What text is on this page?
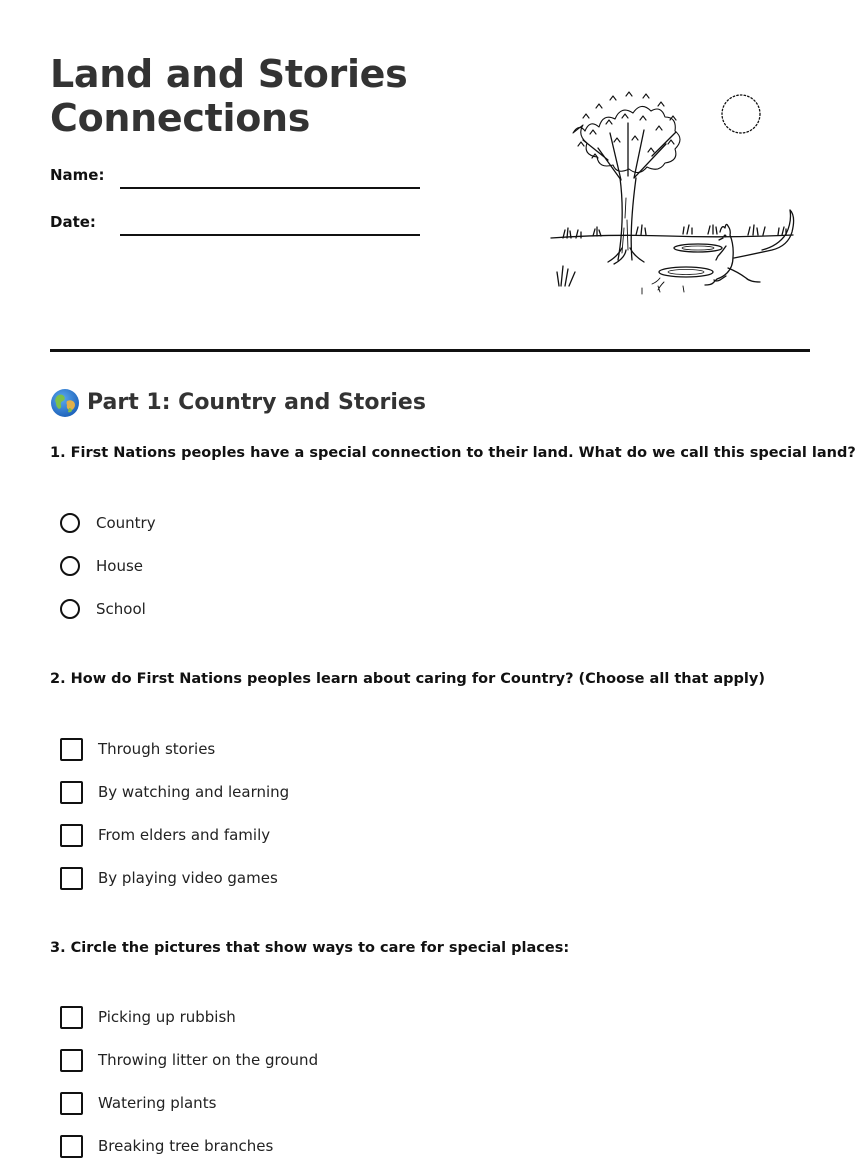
Land and Stories
Connections
Name:
Date:
Part 1: Country and Stories

1. First Nations peoples have a special connection to their land. What do we call this special land?

Country
House
School

2. How do First Nations peoples learn about caring for Country? (Choose all that apply)

Through stories
By watching and learning
From elders and family
By playing video games

3. Circle the pictures that show ways to care for special places:

Picking up rubbish
Throwing litter on the ground
Watering plants
Breaking tree branches
